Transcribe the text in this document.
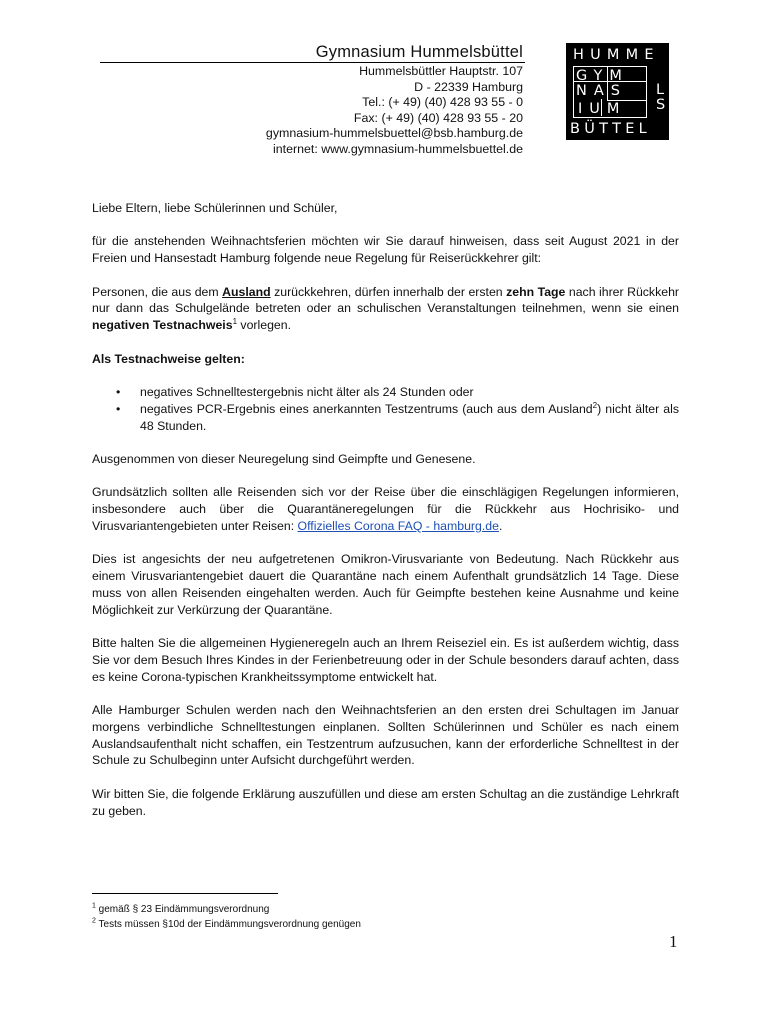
Gymnasium Hummelsbüttel
Hummelsbüttler Hauptstr. 107
D - 22339 Hamburg
Tel.: (+ 49) (40) 428 93 55 - 0
Fax: (+ 49) (40) 428 93 55 - 20
gymnasium-hummelsbuettel@bsb.hamburg.de
internet: www.gymnasium-hummelsbuettel.de
HUMME
L
S
GYM
NAS
IUM
BÜTTEL

Liebe Eltern, liebe Schülerinnen und Schüler,

für die anstehenden Weihnachtsferien möchten wir Sie darauf hinweisen, dass seit August 2021 in der Freien und Hansestadt Hamburg folgende neue Regelung für Reiserückkehrer gilt:

Personen, die aus dem Ausland zurückkehren, dürfen innerhalb der ersten zehn Tage nach ihrer Rückkehr nur dann das Schulgelände betreten oder an schulischen Veranstaltungen teilnehmen, wenn sie einen negativen Testnachweis$^1$ vorlegen.

Als Testnachweise gelten:

• negatives Schnelltestergebnis nicht älter als 24 Stunden oder
• negatives PCR-Ergebnis eines anerkannten Testzentrums (auch aus dem Ausland$^2$) nicht älter als 48 Stunden.

Ausgenommen von dieser Neuregelung sind Geimpfte und Genesene.

Grundsätzlich sollten alle Reisenden sich vor der Reise über die einschlägigen Regelungen informieren, insbesondere auch über die Quarantäneregelungen für die Rückkehr aus Hochrisiko- und Virusvariantengebieten unter Reisen: Offizielles Corona FAQ - hamburg.de.

Dies ist angesichts der neu aufgetretenen Omikron-Virusvariante von Bedeutung. Nach Rückkehr aus einem Virusvariantengebiet dauert die Quarantäne nach einem Aufenthalt grundsätzlich 14 Tage. Diese muss von allen Reisenden eingehalten werden. Auch für Geimpfte bestehen keine Ausnahme und keine Möglichkeit zur Verkürzung der Quarantäne.

Bitte halten Sie die allgemeinen Hygieneregeln auch an Ihrem Reiseziel ein. Es ist außerdem wichtig, dass Sie vor dem Besuch Ihres Kindes in der Ferienbetreuung oder in der Schule besonders darauf achten, dass es keine Corona-typischen Krankheitssymptome entwickelt hat.

Alle Hamburger Schulen werden nach den Weihnachtsferien an den ersten drei Schultagen im Januar morgens verbindliche Schnelltestungen einplanen. Sollten Schülerinnen und Schüler es nach einem Auslandsaufenthalt nicht schaffen, ein Testzentrum aufzusuchen, kann der erforderliche Schnelltest in der Schule zu Schulbeginn unter Aufsicht durchgeführt werden.

Wir bitten Sie, die folgende Erklärung auszufüllen und diese am ersten Schultag an die zuständige Lehrkraft zu geben.

$^1$ gemäß § 23 Eindämmungsverordnung
$^2$ Tests müssen §10d der Eindämmungsverordnung genügen
1
